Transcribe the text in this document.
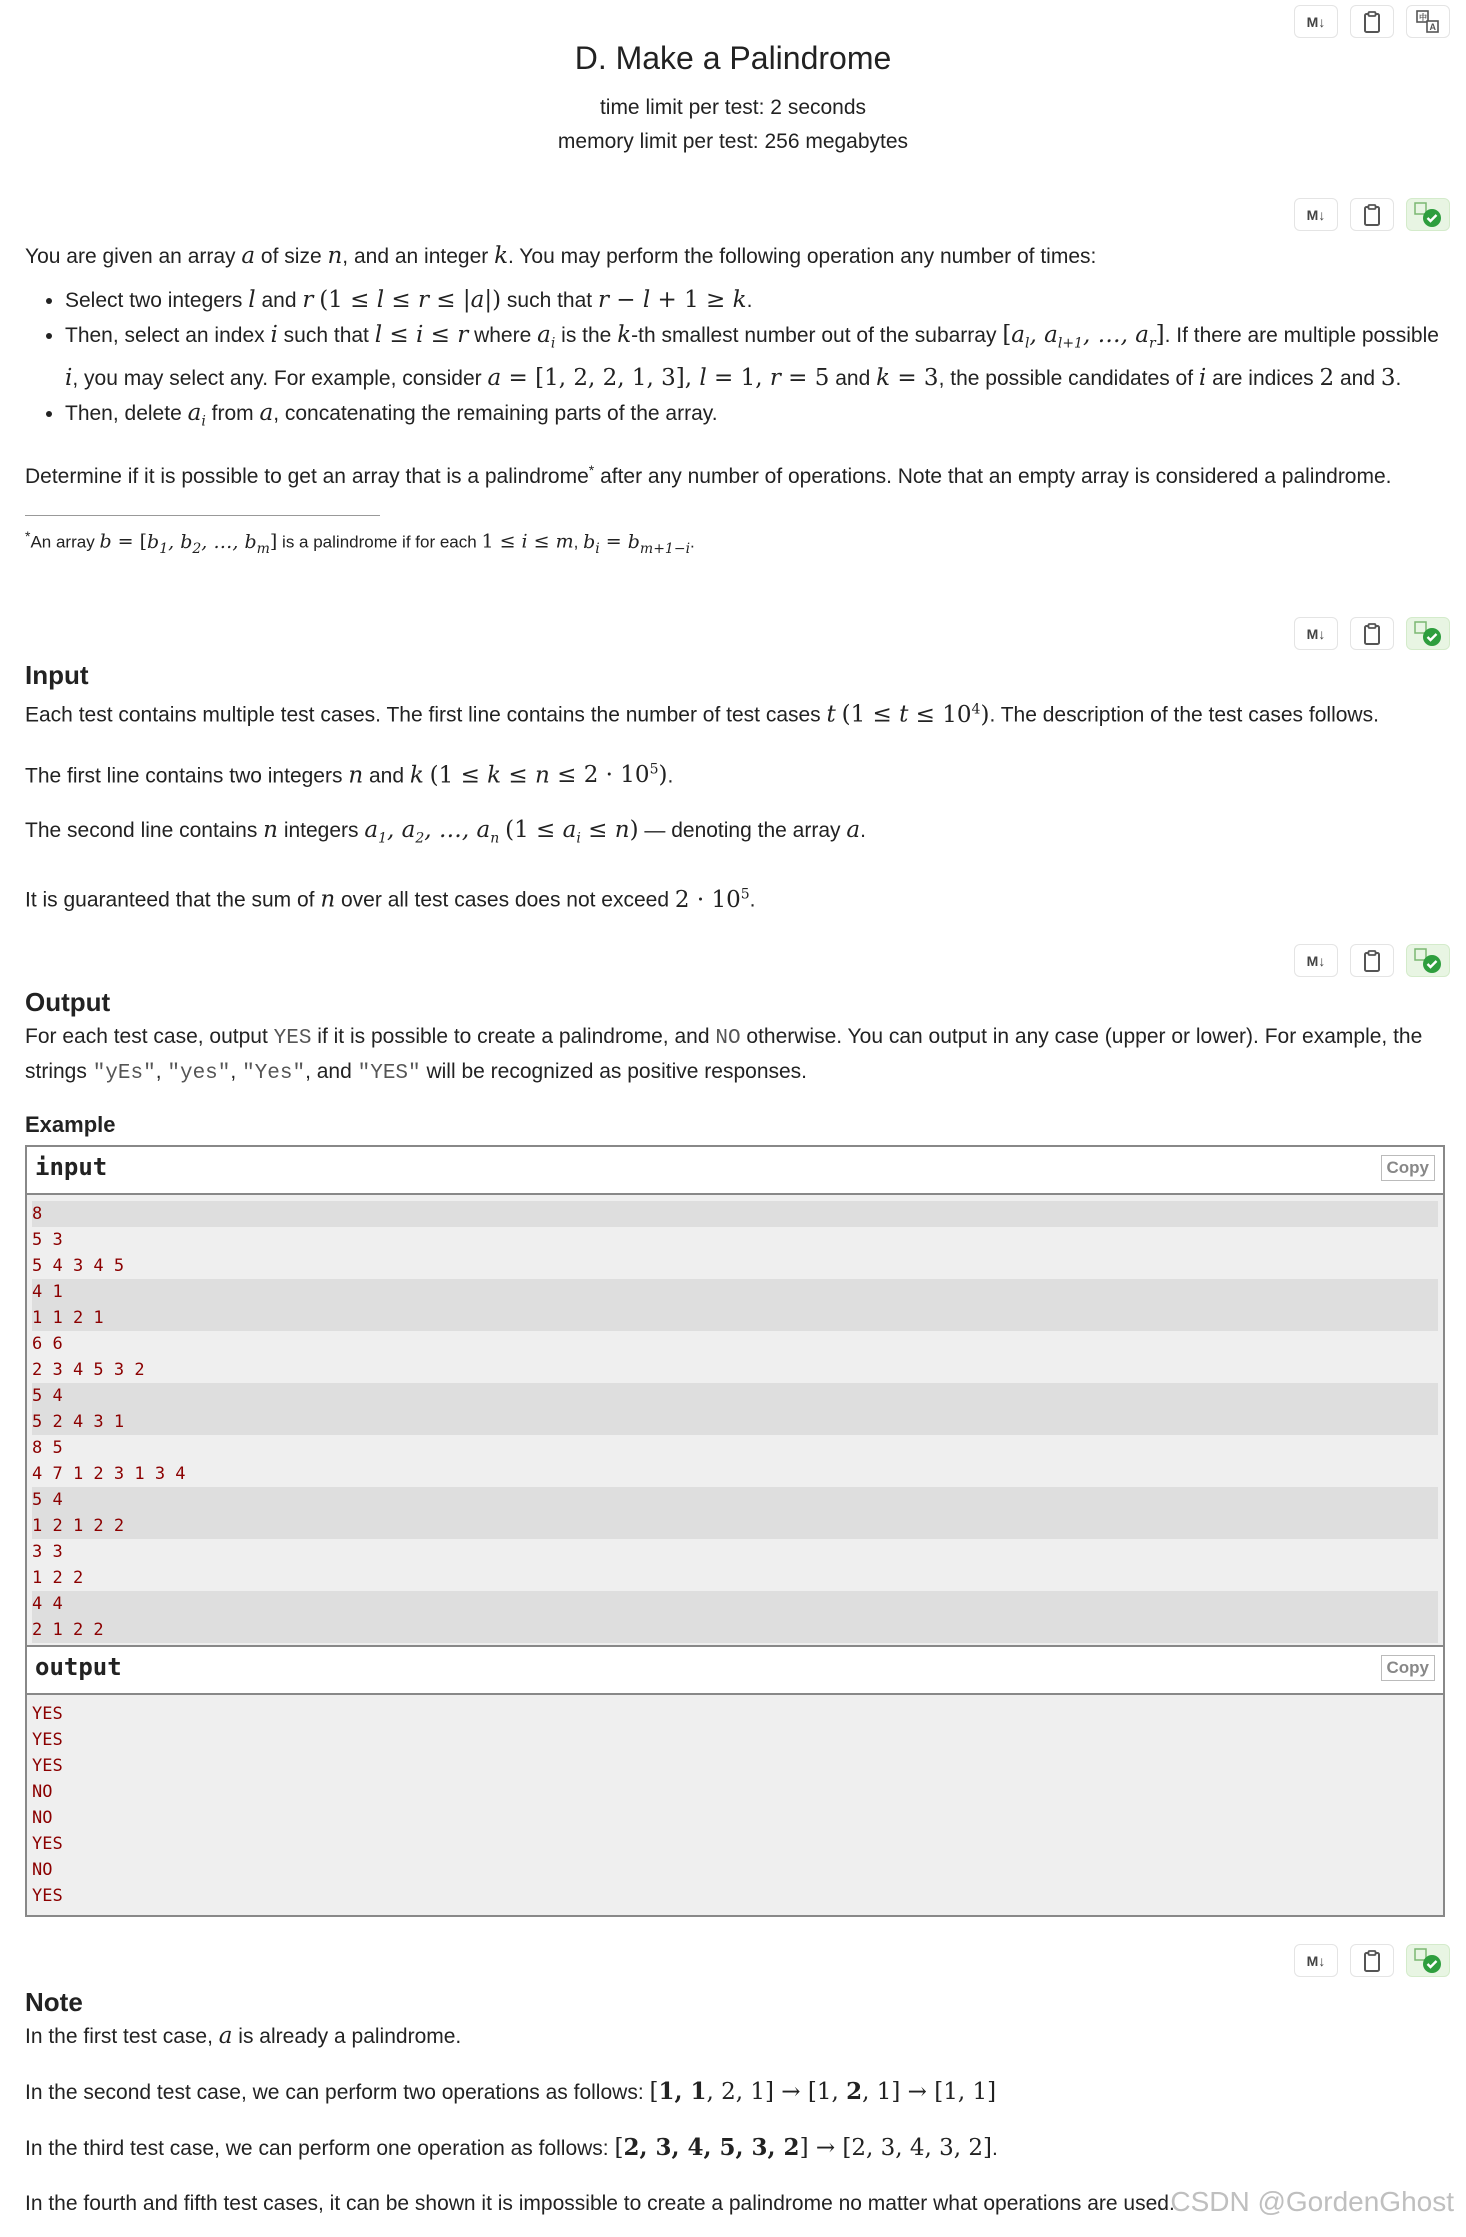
M↓	中
A
D. Make a Palindrome
time limit per test: 2 seconds
memory limit per test: 256 megabytes
M↓

You are given an array a of size n, and an integer k. You may perform the following operation any number of times:

• Select two integers l and r (1 ≤ l ≤ r ≤ |a|) such that r − l + 1 ≥ k.
• Then, select an index i such that l ≤ i ≤ r where $a_i$ is the k-th smallest number out of the subarray [$a_l$, $a_{l+1}$, …, $a_r$]. If there are multiple possible i, you may select any. For example, consider a = [1, 2, 2, 1, 3], l = 1, r = 5 and k = 3, the possible candidates of i are indices 2 and 3.
• Then, delete $a_i$ from a, concatenating the remaining parts of the array.

Determine if it is possible to get an array that is a palindrome* after any number of operations. Note that an empty array is considered a palindrome.

*An array $b = [b_1$, $b_2$, …, $b_m$] is a palindrome if for each 1 ≤ i ≤ m, $b_i = b_{m+1-i}$.
M↓
Input

Each test contains multiple test cases. The first line contains the number of test cases t $(1 \le t \le 10^4)$. The description of the test cases follows.

The first line contains two integers n and k $(1 \le k \le n \le 2 \cdot 10^5)$.

The second line contains n integers $a_1$, $a_2$, …, $a_n$ $(1 \le a_i \le n)$ — denoting the array a.

It is guaranteed that the sum of n over all test cases does not exceed $2 \cdot 10^5$.

M↓
Output

For each test case, output YES if it is possible to create a palindrome, and NO otherwise. You can output in any case (upper or lower). For example, the strings "yEs", "yes", "Yes", and "YES" will be recognized as positive responses.

Example
input	Copy
8
5 3
5 4 3 4 5
4 1
1 1 2 1
6 6
2 3 4 5 3 2
5 4
5 2 4 3 1
8 5
4 7 1 2 3 1 3 4
5 4
1 2 1 2 2
3 3
1 2 2
4 4
2 1 2 2
output	Copy
YES
YES
YES
NO
NO
YES
NO
YES
M↓
Note

In the first test case, a is already a palindrome.

In the second test case, we can perform two operations as follows: [1, 1, 2, 1] → [1, 2, 1] → [1, 1]

In the third test case, we can perform one operation as follows: [2, 3, 4, 5, 3, 2] → [2, 3, 4, 3, 2].

In the fourth and fifth test cases, it can be shown it is impossible to create a palindrome no matter what operations are used.

CSDN @GordenGhost
